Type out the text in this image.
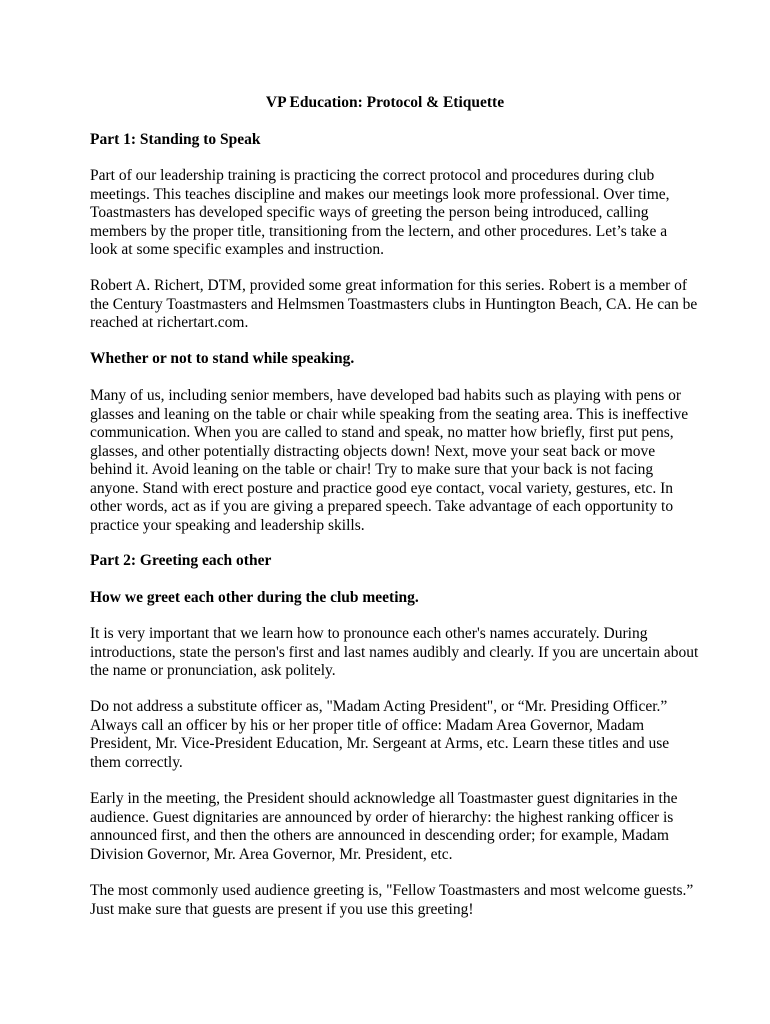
VP Education: Protocol & Etiquette
Part 1: Standing to Speak
Part of our leadership training is practicing the correct protocol and procedures during club
meetings. This teaches discipline and makes our meetings look more professional. Over time,
Toastmasters has developed specific ways of greeting the person being introduced, calling
members by the proper title, transitioning from the lectern, and other procedures. Let’s take a
look at some specific examples and instruction.
Robert A. Richert, DTM, provided some great information for this series. Robert is a member of
the Century Toastmasters and Helmsmen Toastmasters clubs in Huntington Beach, CA. He can be
reached at richertart.com.
Whether or not to stand while speaking.
Many of us, including senior members, have developed bad habits such as playing with pens or
glasses and leaning on the table or chair while speaking from the seating area. This is ineffective
communication. When you are called to stand and speak, no matter how briefly, first put pens,
glasses, and other potentially distracting objects down! Next, move your seat back or move
behind it. Avoid leaning on the table or chair! Try to make sure that your back is not facing
anyone. Stand with erect posture and practice good eye contact, vocal variety, gestures, etc. In
other words, act as if you are giving a prepared speech. Take advantage of each opportunity to
practice your speaking and leadership skills.
Part 2: Greeting each other
How we greet each other during the club meeting.
It is very important that we learn how to pronounce each other's names accurately. During
introductions, state the person's first and last names audibly and clearly. If you are uncertain about
the name or pronunciation, ask politely.
Do not address a substitute officer as, "Madam Acting President", or “Mr. Presiding Officer.”
Always call an officer by his or her proper title of office: Madam Area Governor, Madam
President, Mr. Vice-President Education, Mr. Sergeant at Arms, etc. Learn these titles and use
them correctly.
Early in the meeting, the President should acknowledge all Toastmaster guest dignitaries in the
audience. Guest dignitaries are announced by order of hierarchy: the highest ranking officer is
announced first, and then the others are announced in descending order; for example, Madam
Division Governor, Mr. Area Governor, Mr. President, etc.
The most commonly used audience greeting is, "Fellow Toastmasters and most welcome guests.”
Just make sure that guests are present if you use this greeting!
